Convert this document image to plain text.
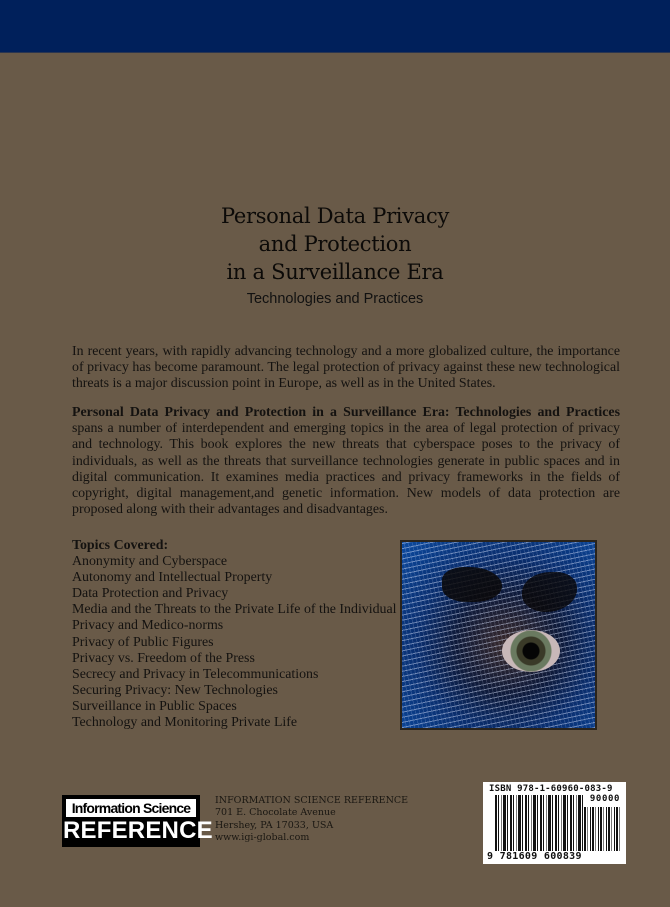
Personal Data Privacy
and Protection
in a Surveillance Era
Technologies and Practices
In recent years, with rapidly advancing technology and a more globalized culture, the importance of privacy has become paramount. The legal protection of privacy against these new technological threats is a major discussion point in Europe, as well as in the United States.
Personal Data Privacy and Protection in a Surveillance Era: Technologies and Practices spans a number of interdependent and emerging topics in the area of legal protection of privacy and technology. This book explores the new threats that cyberspace poses to the privacy of individuals, as well as the threats that surveillance technologies generate in public spaces and in digital communication. It examines media practices and privacy frameworks in the fields of copyright, digital management,and genetic information. New models of data protection are proposed along with their advantages and disadvantages.
Topics Covered:
Anonymity and Cyberspace
Autonomy and Intellectual Property
Data Protection and Privacy
Media and the Threats to the Private Life of the Individual
Privacy and Medico-norms
Privacy of Public Figures
Privacy vs. Freedom of the Press
Secrecy and Privacy in Telecommunications
Securing Privacy: New Technologies
Surveillance in Public Spaces
Technology and Monitoring Private Life
Information Science
REFERENCE
INFORMATION SCIENCE REFERENCE
701 E. Chocolate Avenue
Hershey, PA 17033, USA
www.igi-global.com
ISBN 978-1-60960-083-9
90000
9 781609 600839
